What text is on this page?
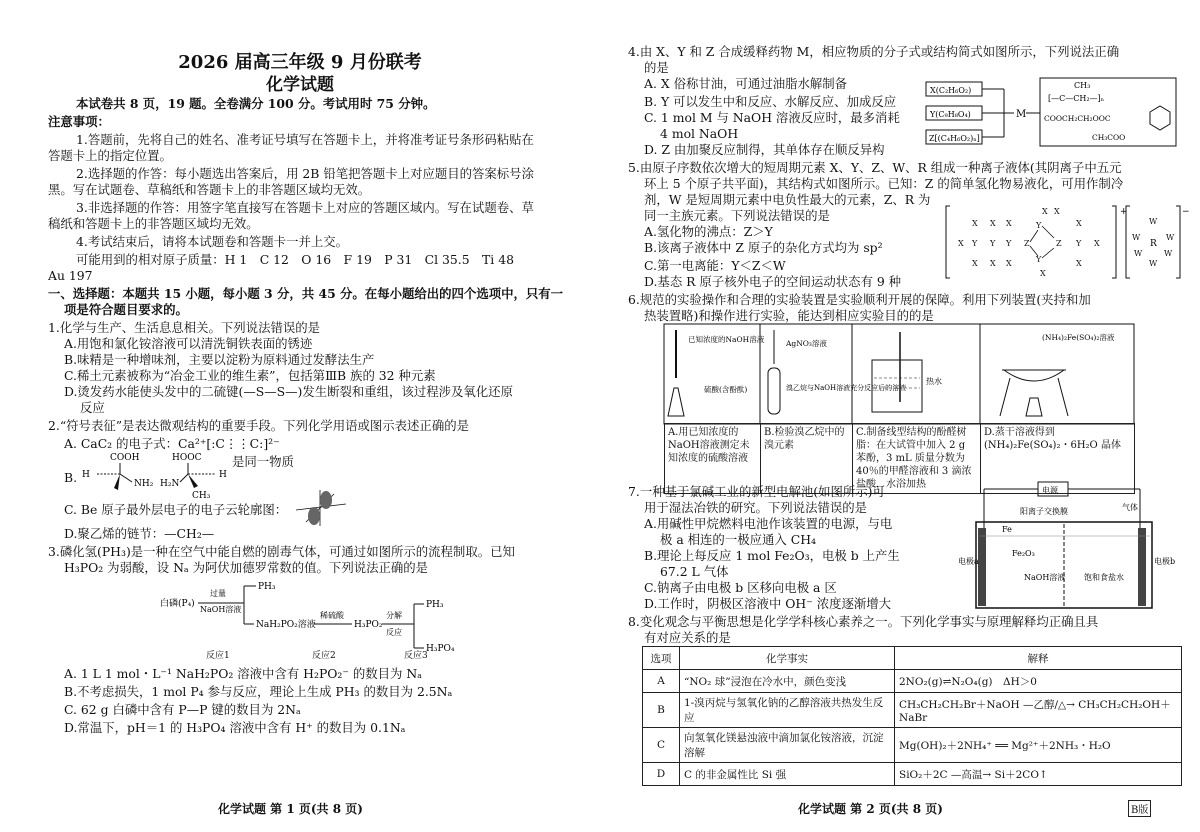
2026 届高三年级 9 月份联考
化学试题
本试卷共 8 页，19 题。全卷满分 100 分。考试用时 75 分钟。
注意事项：
1.答题前，先将自己的姓名、准考证号填写在答题卡上，并将准考证号条形码粘贴在
答题卡上的指定位置。
2.选择题的作答：每小题选出答案后，用 2B 铅笔把答题卡上对应题目的答案标号涂
黑。写在试题卷、草稿纸和答题卡上的非答题区域均无效。
3.非选择题的作答：用签字笔直接写在答题卡上对应的答题区域内。写在试题卷、草
稿纸和答题卡上的非答题区域均无效。
4.考试结束后，请将本试题卷和答题卡一并上交。
可能用到的相对原子质量：H 1　C 12　O 16　F 19　P 31　Cl 35.5　Ti 48
Au 197
一、选择题：本题共 15 小题，每小题 3 分，共 45 分。在每小题给出的四个选项中，只有一
项是符合题目要求的。
1.化学与生产、生活息息相关。下列说法错误的是
A.用饱和氯化铵溶液可以清洗铜铁表面的锈迹
B.味精是一种增味剂，主要以淀粉为原料通过发酵法生产
C.稀土元素被称为“冶金工业的维生素”，包括第ⅢB 族的 32 种元素
D.烫发药水能使头发中的二硫键(—S—S—)发生断裂和重组，该过程涉及氧化还原
反应
2.“符号表征”是表达微观结构的重要手段。下列化学用语或图示表述正确的是
A. CaC₂ 的电子式：Ca²⁺[:C⋮⋮C:]²⁻
B.
COOH
H
NH₂
HOOC
H₂N
H
CH₃
是同一物质
C. Be 原子最外层电子的电子云轮廓图：
D.聚乙烯的链节：—CH₂—
3.磷化氢(PH₃)是一种在空气中能自燃的剧毒气体，可通过如图所示的流程制取。已知
H₃PO₂ 为弱酸，设 Nₐ 为阿伏加德罗常数的值。下列说法正确的是
白磷(P₄)
过量
NaOH溶液
PH₃
NaH₂PO₂溶液
稀硫酸
H₃PO₂
分解
反应
PH₃
H₃PO₄
反应1	反应2	反应3
A. 1 L 1 mol・L⁻¹ NaH₂PO₂ 溶液中含有 H₂PO₂⁻ 的数目为 Nₐ
B.不考虑损失，1 mol P₄ 参与反应，理论上生成 PH₃ 的数目为 2.5Nₐ
C. 62 g 白磷中含有 P—P 键的数目为 2Nₐ
D.常温下，pH＝1 的 H₃PO₄ 溶液中含有 H⁺ 的数目为 0.1Nₐ
化学试题 第 1 页(共 8 页)
4.由 X、Y 和 Z 合成缓释药物 M，相应物质的分子式或结构简式如图所示，下列说法正确
的是
A. X 俗称甘油，可通过油脂水解制备
B. Y 可以发生中和反应、水解反应、加成反应
C. 1 mol M 与 NaOH 溶液反应时，最多消耗
4 mol NaOH
D. Z 由加聚反应制得，其单体存在顺反异构
X(C₂H₆O₂)
Y(C₉H₈O₄)
Z[(C₄H₆O₂)ₙ]
M
CH₃
[—C—CH₂—]ₙ
COOCH₂CH₂OOC
CH₃COO
5.由原子序数依次增大的短周期元素 X、Y、Z、W、R 组成一种离子液体(其阴离子中五元
环上 5 个原子共平面)，其结构式如图所示。已知：Z 的简单氢化物易液化，可用作制冷
剂，W 是短周期元素中电负性最大的元素，Z、R 为
同一主族元素。下列说法错误的是
A.氢化物的沸点：Z＞Y
B.该离子液体中 Z 原子的杂化方式均为 sp²
C.第一电离能：Y＜Z＜W
D.基态 R 原子核外电子的空间运动状态有 9 种
+
X Y Y Y Z	Z Y X
X X X
X X X
X
X
Y
Y
X X
X
−
R
W
W
W	W
W	W
6.规范的实验操作和合理的实验装置是实验顺利开展的保障。利用下列装置(夹持和加
热装置略)和操作进行实验，能达到相应实验目的的是
已知浓度的NaOH溶液
硫酸(含酚酞)
AgNO₃溶液
溴乙烷与NaOH溶液充分反应后的溶液
热水
(NH₄)₂Fe(SO₄)₂溶液
A.用已知浓度的NaOH溶液测定未知浓度的硫酸溶液	B.检验溴乙烷中的溴元素	C.制备线型结构的酚醛树脂：在大试管中加入 2 g 苯酚，3 mL 质量分数为 40％的甲醛溶液和 3 滴浓盐酸，水浴加热	D.蒸干溶液得到(NH₄)₂Fe(SO₄)₂・6H₂O 晶体
7.一种基于氯碱工业的新型电解池(如图所示)可
用于湿法冶铁的研究。下列说法错误的是
A.用碱性甲烷燃料电池作该装置的电源，与电
极 a 相连的一极应通入 CH₄
B.理论上每反应 1 mol Fe₂O₃，电极 b 上产生
67.2 L 气体
C.钠离子由电极 b 区移向电极 a 区
D.工作时，阴极区溶液中 OH⁻ 浓度逐渐增大
电源
阳离子交换膜	气体
Fe
Fe₂O₃
NaOH溶液 饱和食盐水
电极a	电极b
8.变化观念与平衡思想是化学学科核心素养之一。下列化学事实与原理解释均正确且具
有对应关系的是
选项	化学事实	解释
A	“NO₂ 球”浸泡在冷水中，颜色变浅	2NO₂(g)⇌N₂O₄(g)　ΔH＞0
B	1-溴丙烷与氢氧化钠的乙醇溶液共热发生反应	CH₃CH₂CH₂Br＋NaOH —乙醇/△→ CH₃CH₂CH₂OH＋NaBr
C	向氢氧化镁悬浊液中滴加氯化铵溶液，沉淀溶解	Mg(OH)₂＋2NH₄⁺ ══ Mg²⁺＋2NH₃・H₂O
D	C 的非金属性比 Si 强	SiO₂＋2C —高温→ Si＋2CO↑
化学试题 第 2 页(共 8 页)	B版
